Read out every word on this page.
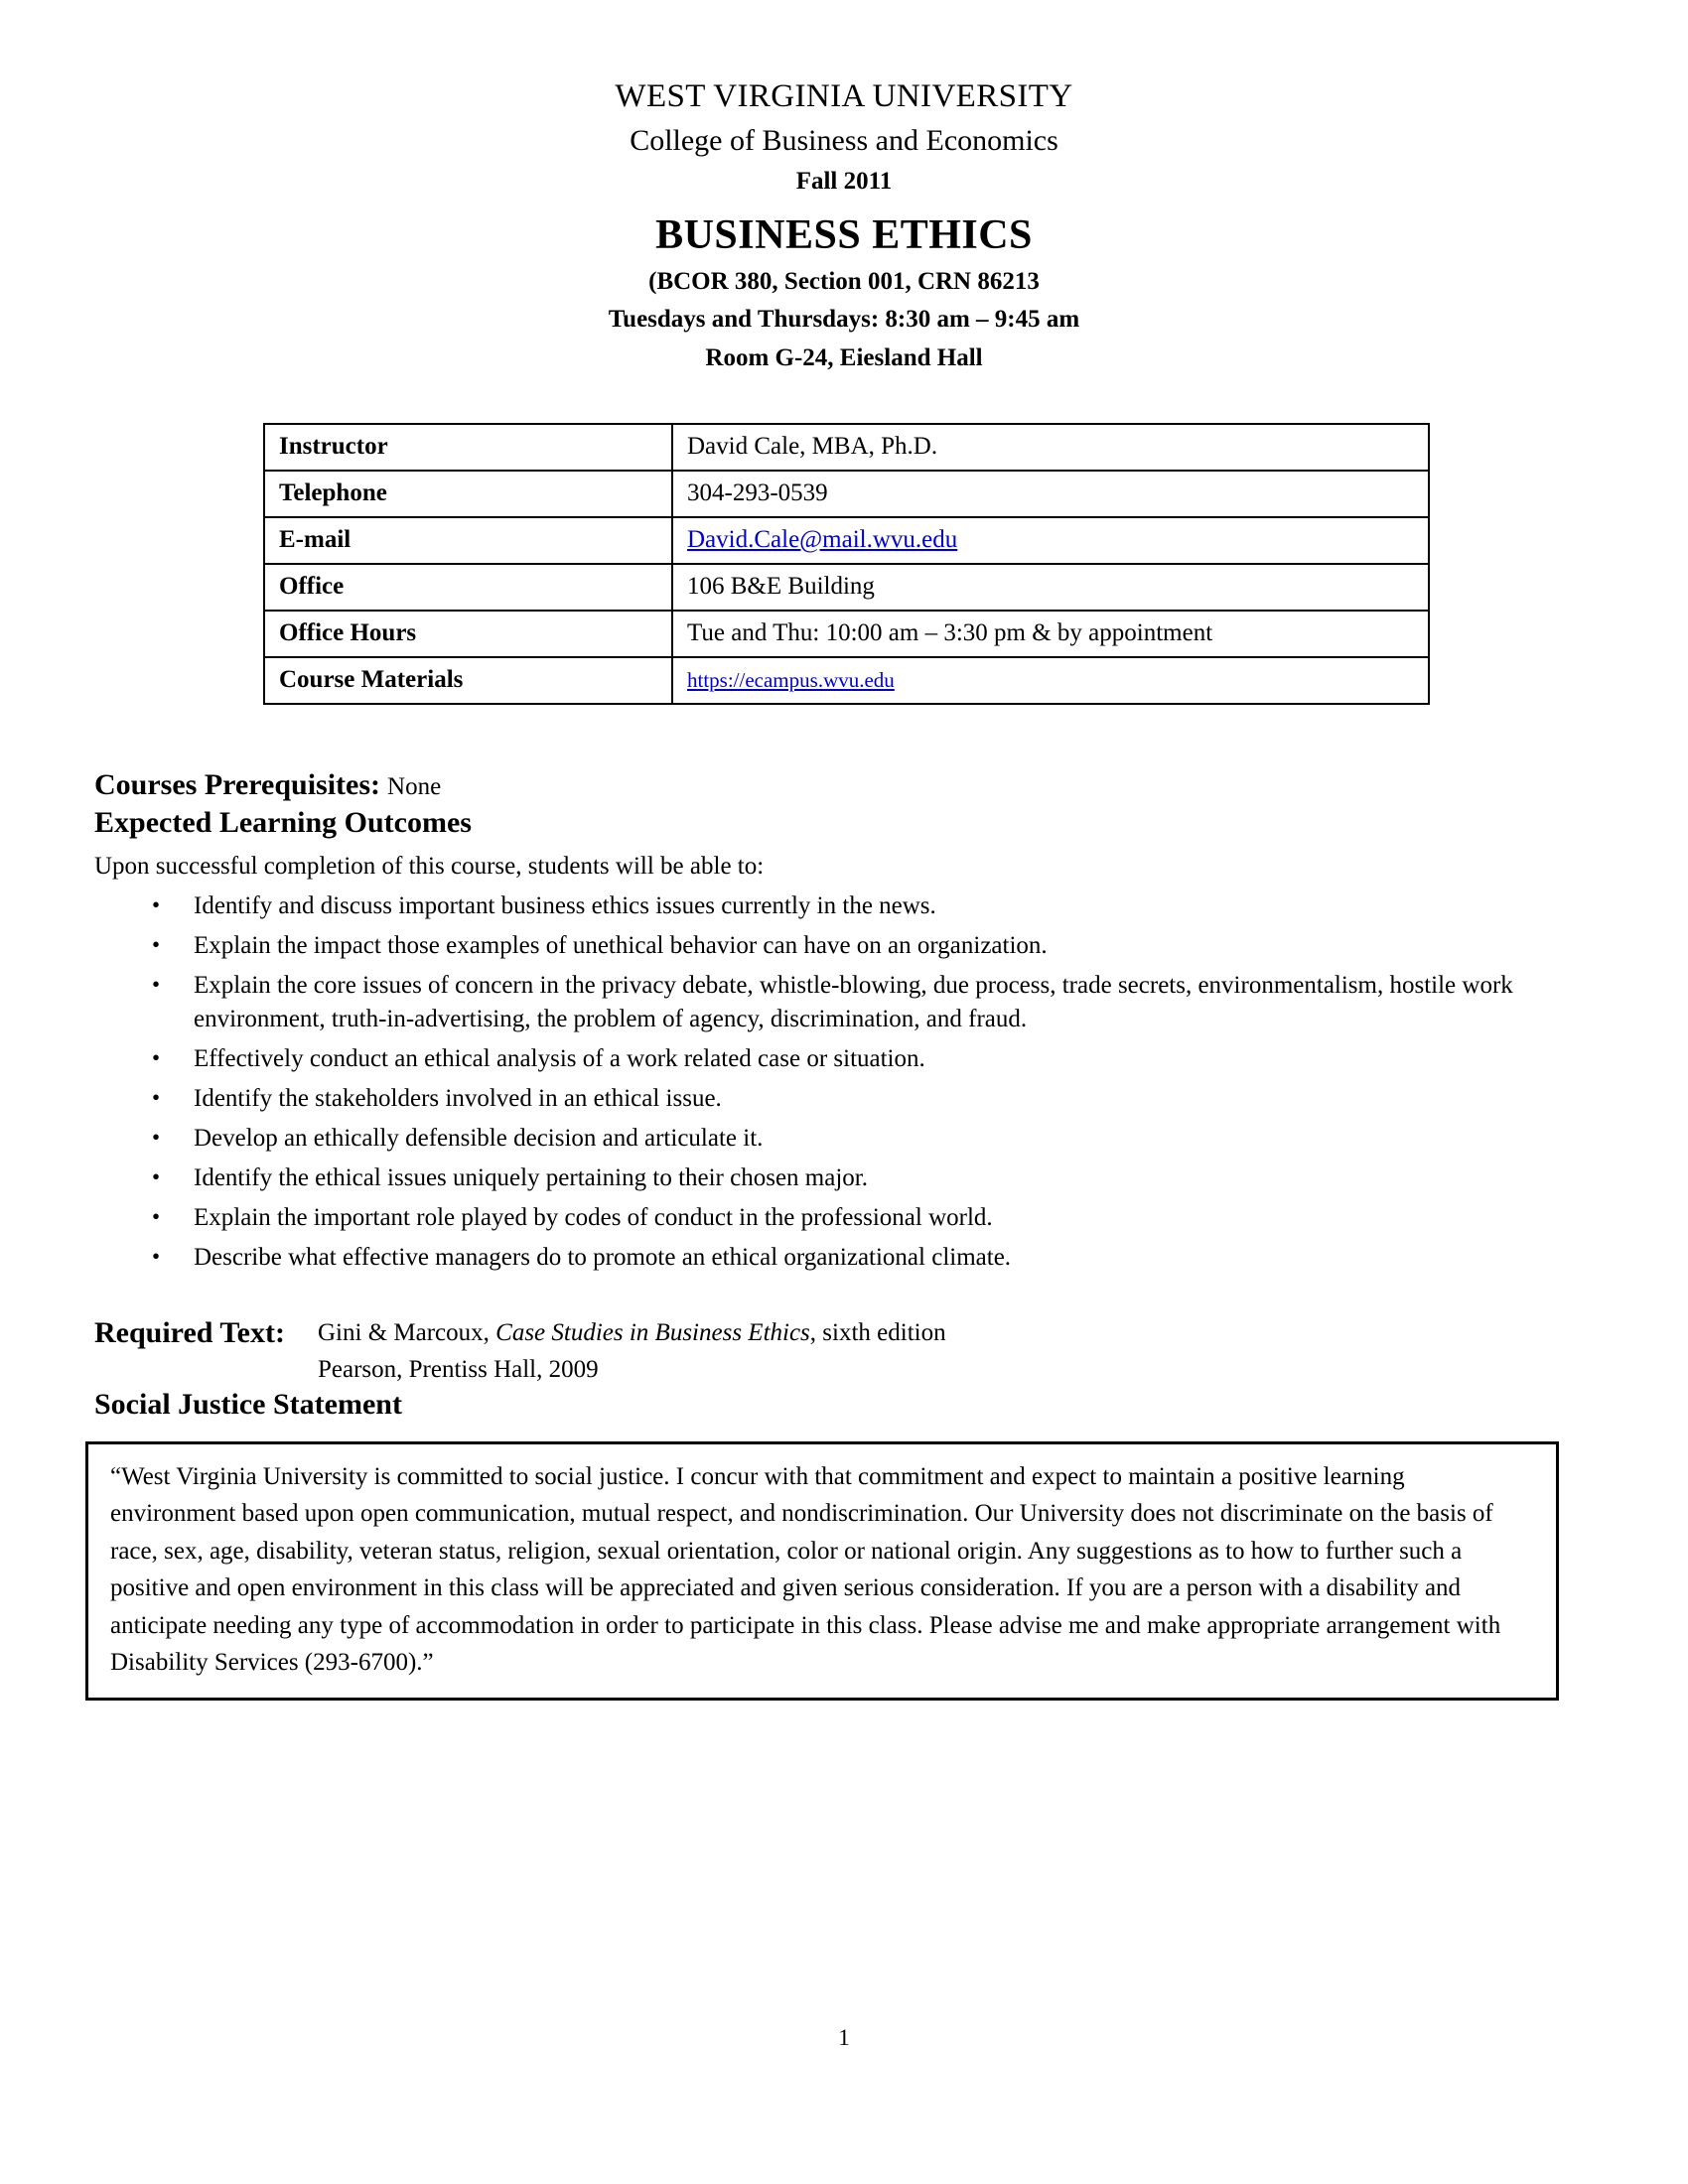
WEST VIRGINIA UNIVERSITY
College of Business and Economics
Fall 2011
BUSINESS ETHICS
(BCOR 380, Section 001, CRN 86213
Tuesdays and Thursdays: 8:30 am – 9:45 am
Room G-24, Eiesland Hall
Instructor	David Cale, MBA, Ph.D.
Telephone	304-293-0539
E-mail	David.Cale@mail.wvu.edu
Office	106 B&E Building
Office Hours	Tue and Thu: 10:00 am – 3:30 pm & by appointment
Course Materials	https://ecampus.wvu.edu
Courses Prerequisites: None
Expected Learning Outcomes
Upon successful completion of this course, students will be able to:
• Identify and discuss important business ethics issues currently in the news.
• Explain the impact those examples of unethical behavior can have on an organization.
• Explain the core issues of concern in the privacy debate, whistle-blowing, due process, trade secrets, environmentalism, hostile work environment, truth-in-advertising, the problem of agency, discrimination, and fraud.
• Effectively conduct an ethical analysis of a work related case or situation.
• Identify the stakeholders involved in an ethical issue.
• Develop an ethically defensible decision and articulate it.
• Identify the ethical issues uniquely pertaining to their chosen major.
• Explain the important role played by codes of conduct in the professional world.
• Describe what effective managers do to promote an ethical organizational climate.
Required Text:	Gini & Marcoux, Case Studies in Business Ethics, sixth edition
Pearson, Prentiss Hall, 2009
Social Justice Statement

“West Virginia University is committed to social justice. I concur with that commitment and expect to maintain a positive learning environment based upon open communication, mutual respect, and nondiscrimination. Our University does not discriminate on the basis of race, sex, age, disability, veteran status, religion, sexual orientation, color or national origin. Any suggestions as to how to further such a positive and open environment in this class will be appreciated and given serious consideration. If you are a person with a disability and anticipate needing any type of accommodation in order to participate in this class. Please advise me and make appropriate arrangement with Disability Services (293-6700).”

1
